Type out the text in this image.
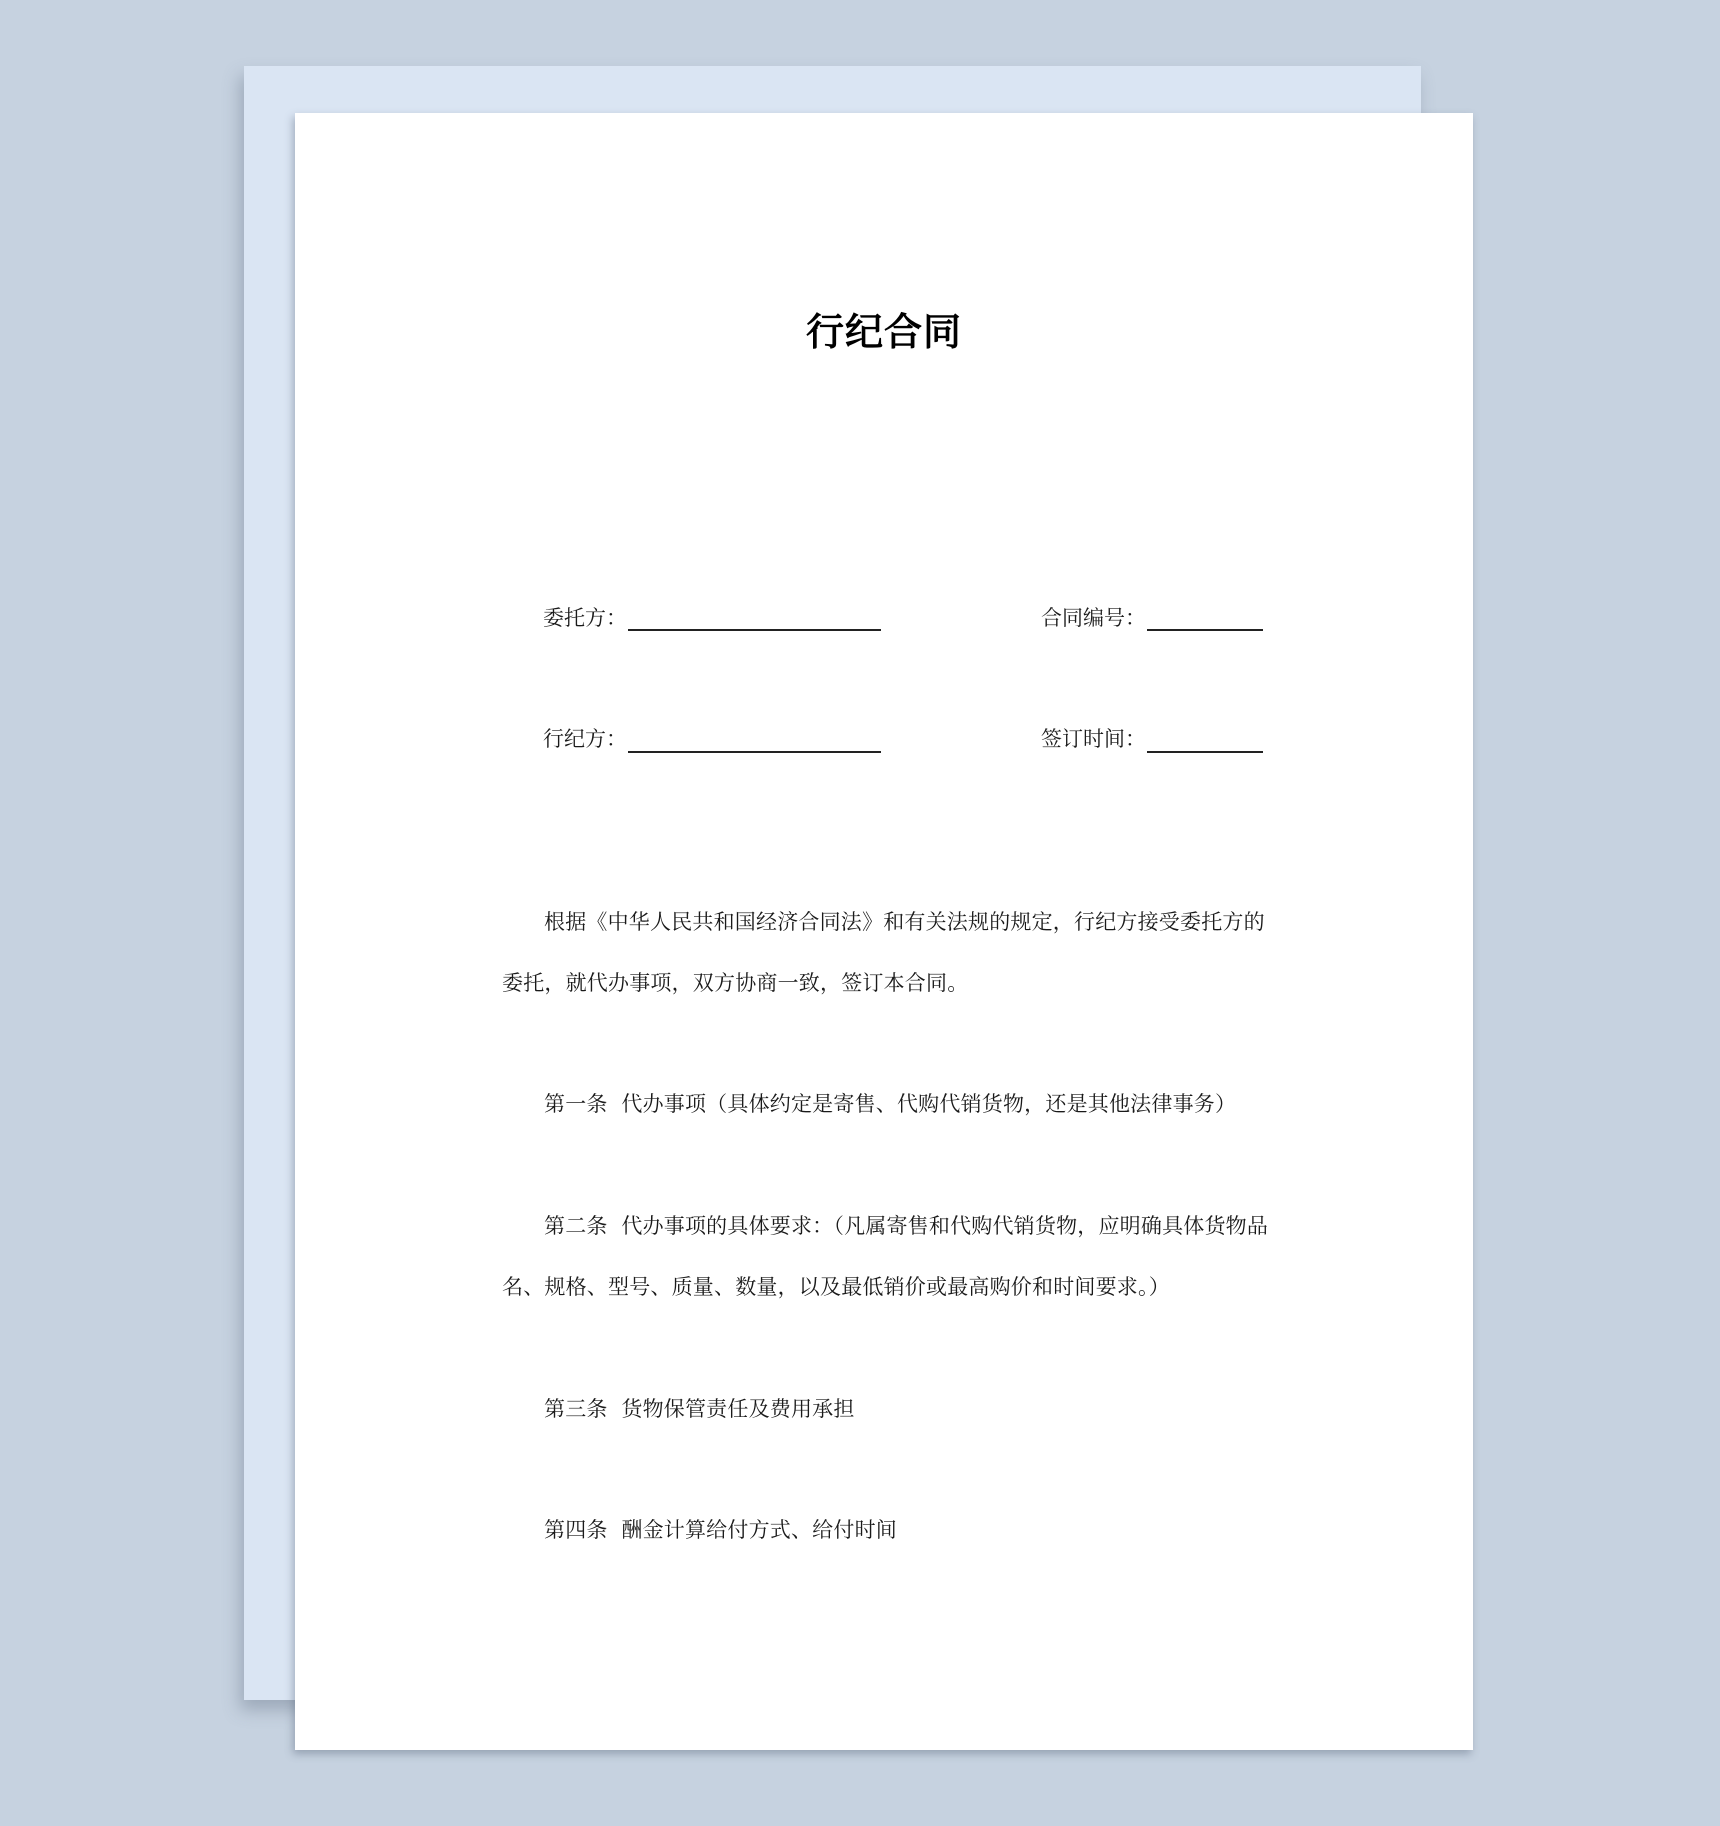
行纪合同
委托方：	合同编号：
行纪方：	签订时间：
根据《中华人民共和国经济合同法》和有关法规的规定，行纪方接受委托方的
委托，就代办事项，双方协商一致，签订本合同。
第一条 代办事项（具体约定是寄售、代购代销货物，还是其他法律事务）
第二条 代办事项的具体要求：（凡属寄售和代购代销货物，应明确具体货物品
名、规格、型号、质量、数量，以及最低销价或最高购价和时间要求。）
第三条 货物保管责任及费用承担
第四条 酬金计算给付方式、给付时间
